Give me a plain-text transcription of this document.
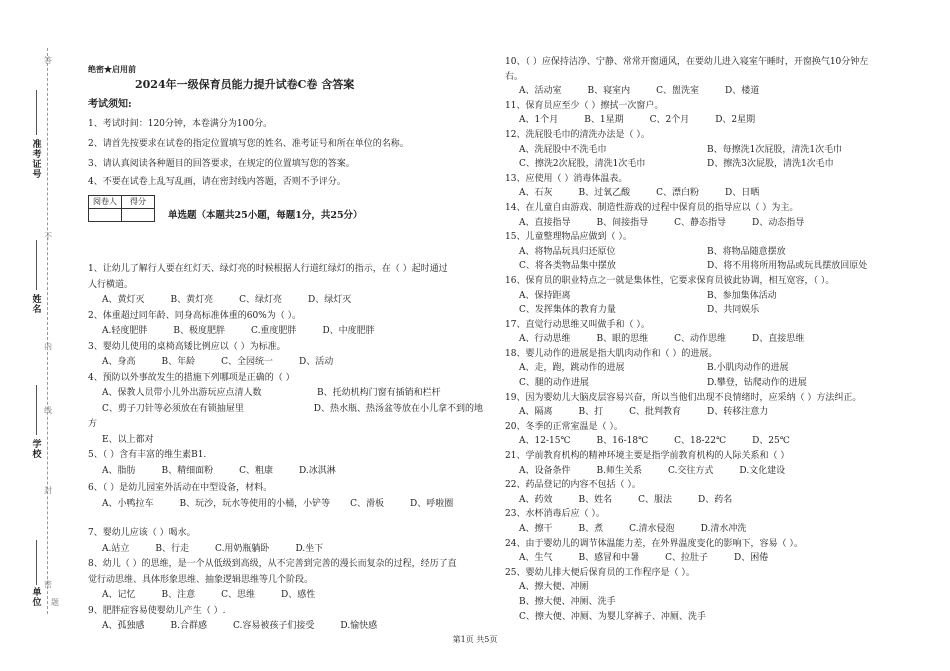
答
不
内
线
封
密
准考证号
姓名
学校
单位 题
绝密★启用前
2024年一级保育员能力提升试卷C卷 含答案
考试须知:
1、考试时间：120分钟，本卷满分为100分。
2、请首先按要求在试卷的指定位置填写您的姓名、准考证号和所在单位的名称。
3、请认真阅读各种题目的回答要求，在规定的位置填写您的答案。
4、不要在试卷上乱写乱画，请在密封线内答题，否则不予评分。
阅卷人	得分

单选题（本题共25小题，每题1分，共25分）
1、让幼儿了解行人要在红灯天、绿灯亮的时候根据人行道红绿灯的指示，在（ ）起时通过
人行横道。
A、黄灯灭	B、黄灯亮	C、绿灯亮	D、绿灯灭
2、体重超过同年龄、同身高标准体重的60%为（ ）。
A.轻度肥胖	B、极度肥胖	C.重度肥胖	D、中度肥胖
3、婴幼儿使用的桌椅高矮比例应以（ ）为标准。
A、身高	B、年龄	C、全园统一	D、活动
4、预防以外事故发生的措施下列哪项是正确的（ ）
A、保教人员带小儿外出游玩应点清人数	B、托幼机构门窗有插销和栏杆
C、剪子刀针等必须放在有锁抽屉里	D、热水瓶、热汤盆等放在小儿拿不到的地
方
E、以上都对
5、（ ）含有丰富的维生素B1.
A、脂肪	B、精细面粉	C、粗康	D.冰淇淋
6、（ ）是幼儿园室外活动在中型设备，材料。
A、小鸭拉车	B、玩沙，玩水等使用的小桶，小铲等 C、滑板	D、呼啦圈
7、婴幼儿应该（ ）喝水。
A.站立	B、行走	C.用奶瓶躺卧	D.坐下
8、幼儿（ ）的思维，是一个从低级到高级，从不完善到完善的漫长而复杂的过程，经历了直
觉行动思维、具体形象思维、抽象逻辑思维等几个阶段。
A、记忆	B、注意	C、思维	D、感性
9、肥胖症容易使婴幼儿产生（ ）.
A、孤独感	B.合群感	C.容易被孩子们接受	D.愉快感
10、（ ）应保持洁净、宁静、常常开窗通风，在要幼儿进入寝室午睡时，开窗换气10分钟左
右。
A、活动室	B、寝室内	C、盥洗室	D、楼道
11、保育员应至少（ ）擦拭一次窗户。
A、1个月	B、1星期	C、2个月	D、2星期
12、洗屁股毛巾的清洗办法是（ ）。
A、洗屁股中不洗毛巾	B、每擦洗1次屁股，清洗1次毛巾
C、擦洗2次屁股，清洗1次毛巾	D、擦洗3次屁股，清洗1次毛巾
13、应使用（ ）消毒体温表。
A、石灰	B、过氧乙酸	C、漂白粉	D、日晒
14、在儿童自由游戏、制造性游戏的过程中保育员的指导应以（ ）为主。
A、直接指导	B、间接指导	C、静态指导	D、动态指导
15、儿童整理物品应做到（ ）。
A、将物品玩具归还原位	B、将物品随意摆放
C、将各类物品集中摆放	D、将不用将所用物品或玩具摆放回原处
16、保育员的职业特点之一就是集体性，它要求保育员彼此协调，相互宽容，（ ）。
A、保持距离	B、参加集体活动
C、发挥集体的教育力量	D、共同娱乐
17、直觉行动思维又叫做手和（ ）。
A、行动思维	B、眼的思维	C、动作思维	D、直接思维
18、婴儿动作的进展是指大肌肉动作和（ ）的进展。
A、走，跑，跳动作的进展	B.小肌肉动作的进展
C、腿的动作进展	D.攀登，钻爬动作的进展
19、因为婴幼儿大脑皮层容易兴奋，所以当他们出现不良情绪时，应采纳（ ）方法纠正。
A、隔离	B、打	C、批判教育	D、转移注意力
20、冬季的正常室温是（ ）。
A、12-15℃	B、16-18℃	C、18-22℃	D、25℃
21、学前教育机构的精神环境主要是指学前教育机构的人际关系和（ ）
A、设备条件	B.师生关系	C.交往方式	D.文化建设
22、药品登记的内容不包括（ ）。
A、药效	B、姓名	C、服法	D、药名
23、水杯消毒后应（ ）。
A、擦干	B、煮	C.清水侵泡	D.清水冲洗
24、由于婴幼儿的调节体温能力差，在外界温度变化的影响下，容易（ ）。
A、生气	B、感冒和中暑	C、拉肚子	D、困倦
25、婴幼儿排大便后保育员的工作程序是（ ）。
A、擦大便、冲厕
B、擦大便、冲厕、洗手
C、擦大便、冲厕、为婴儿穿裤子、冲厕、洗手
第1页 共5页
